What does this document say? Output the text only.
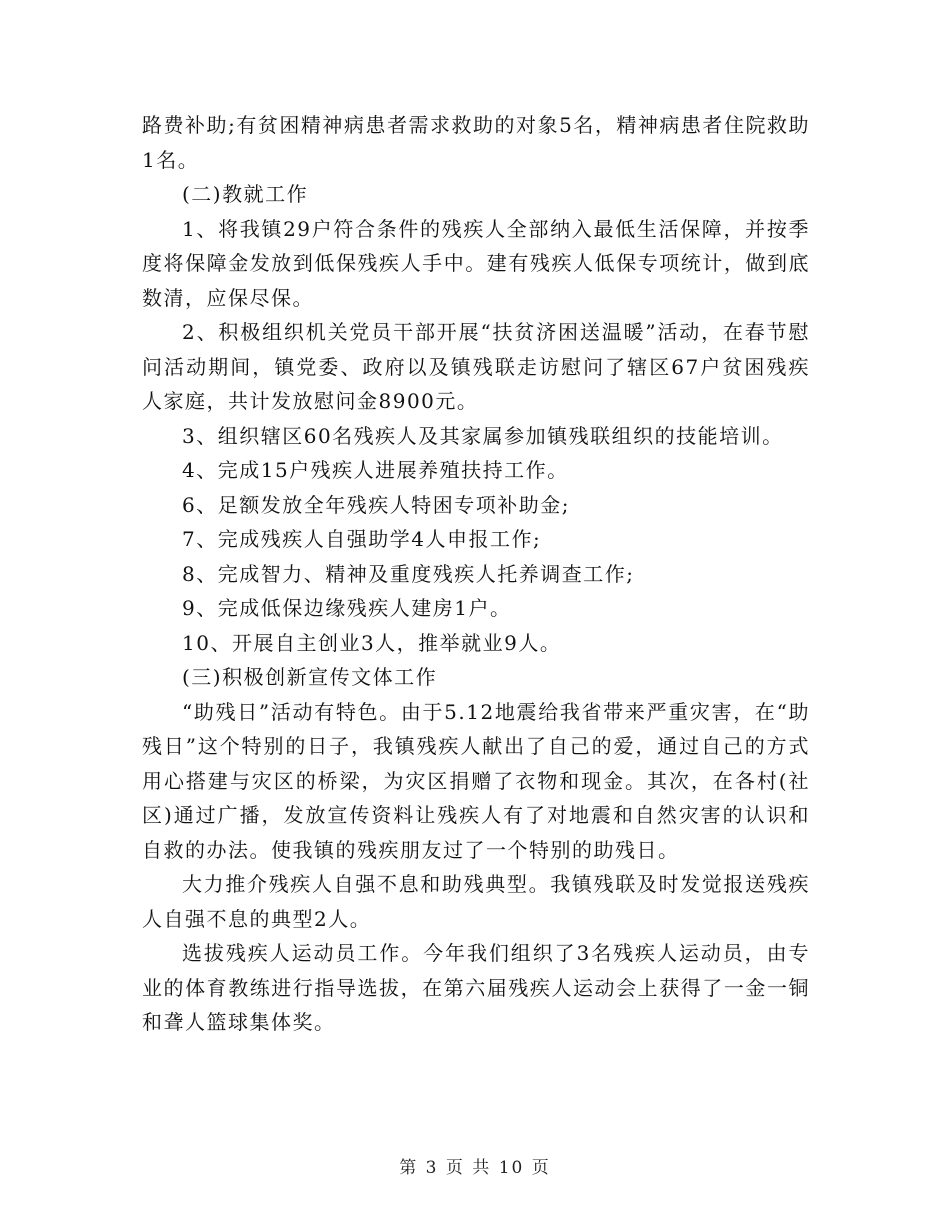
路费补助;有贫困精神病患者需求救助的对象5名，精神病患者住院救助1名。

(二)教就工作

1、将我镇29户符合条件的残疾人全部纳入最低生活保障，并按季度将保障金发放到低保残疾人手中。建有残疾人低保专项统计，做到底数清，应保尽保。

2、积极组织机关党员干部开展“扶贫济困送温暖”活动，在春节慰问活动期间，镇党委、政府以及镇残联走访慰问了辖区67户贫困残疾人家庭，共计发放慰问金8900元。

3、组织辖区60名残疾人及其家属参加镇残联组织的技能培训。

4、完成15户残疾人进展养殖扶持工作。

6、足额发放全年残疾人特困专项补助金;

7、完成残疾人自强助学4人申报工作;

8、完成智力、精神及重度残疾人托养调查工作;

9、完成低保边缘残疾人建房1户。

10、开展自主创业3人，推举就业9人。

(三)积极创新宣传文体工作

“助残日”活动有特色。由于5.12地震给我省带来严重灾害，在“助残日”这个特别的日子，我镇残疾人献出了自己的爱，通过自己的方式用心搭建与灾区的桥梁，为灾区捐赠了衣物和现金。其次，在各村(社区)通过广播，发放宣传资料让残疾人有了对地震和自然灾害的认识和自救的办法。使我镇的残疾朋友过了一个特别的助残日。

大力推介残疾人自强不息和助残典型。我镇残联及时发觉报送残疾人自强不息的典型2人。

选拔残疾人运动员工作。今年我们组织了3名残疾人运动员，由专业的体育教练进行指导选拔，在第六届残疾人运动会上获得了一金一铜和聋人篮球集体奖。

第 3 页 共 10 页
